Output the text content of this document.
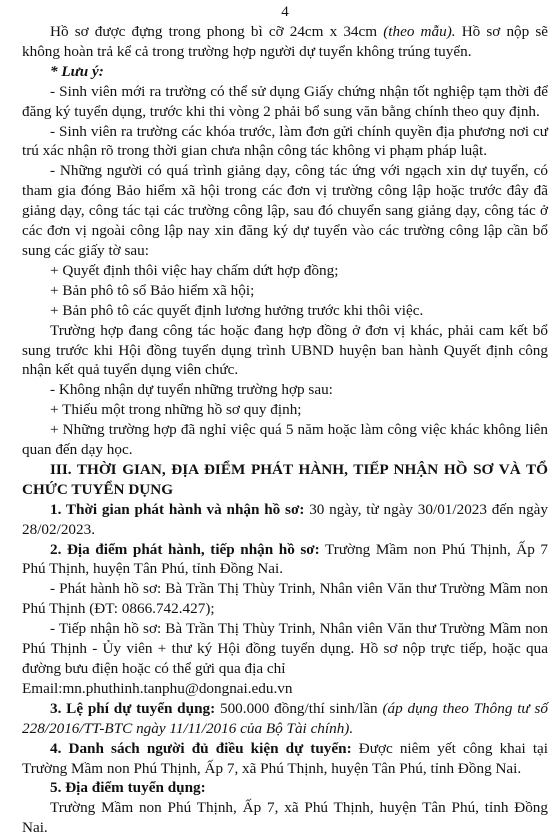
4

Hồ sơ được đựng trong phong bì cỡ 24cm x 34cm (theo mẫu). Hồ sơ nộp sẽ không hoàn trả kể cả trong trường hợp người dự tuyển không trúng tuyển.

* Lưu ý:

- Sinh viên mới ra trường có thể sử dụng Giấy chứng nhận tốt nghiệp tạm thời để đăng ký tuyển dụng, trước khi thi vòng 2 phải bổ sung văn bằng chính theo quy định.

- Sinh viên ra trường các khóa trước, làm đơn gửi chính quyền địa phương nơi cư trú xác nhận rõ trong thời gian chưa nhận công tác không vi phạm pháp luật.

- Những người có quá trình giảng dạy, công tác ứng với ngạch xin dự tuyển, có tham gia đóng Bảo hiểm xã hội trong các đơn vị trường công lập hoặc trước đây đã giảng dạy, công tác tại các trường công lập, sau đó chuyển sang giảng dạy, công tác ở các đơn vị ngoài công lập nay xin đăng ký dự tuyển vào các trường công lập cần bổ sung các giấy tờ sau:

+ Quyết định thôi việc hay chấm dứt hợp đồng;

+ Bản phô tô sổ Bảo hiểm xã hội;

+ Bản phô tô các quyết định lương hưởng trước khi thôi việc.

Trường hợp đang công tác hoặc đang hợp đồng ở đơn vị khác, phải cam kết bổ sung trước khi Hội đồng tuyển dụng trình UBND huyện ban hành Quyết định công nhận kết quả tuyển dụng viên chức.

- Không nhận dự tuyển những trường hợp sau:

+ Thiếu một trong những hồ sơ quy định;

+ Những trường hợp đã nghỉ việc quá 5 năm hoặc làm công việc khác không liên quan đến dạy học.

III. THỜI GIAN, ĐỊA ĐIỂM PHÁT HÀNH, TIẾP NHẬN HỒ SƠ VÀ TỔ CHỨC TUYỂN DỤNG

1. Thời gian phát hành và nhận hồ sơ: 30 ngày, từ ngày 30/01/2023 đến ngày 28/02/2023.

2. Địa điểm phát hành, tiếp nhận hồ sơ: Trường Mầm non Phú Thịnh, Ấp 7 Phú Thịnh, huyện Tân Phú, tỉnh Đồng Nai.

- Phát hành hồ sơ: Bà Trần Thị Thùy Trinh, Nhân viên Văn thư Trường Mầm non Phú Thịnh (ĐT: 0866.742.427);

- Tiếp nhận hồ sơ: Bà Trần Thị Thùy Trinh, Nhân viên Văn thư Trường Mầm non Phú Thịnh - Ủy viên + thư ký Hội đồng tuyển dụng. Hồ sơ nộp trực tiếp, hoặc qua đường bưu điện hoặc có thể gửi qua địa chỉ

Email:mn.phuthinh.tanphu@dongnai.edu.vn

3. Lệ phí dự tuyển dụng: 500.000 đồng/thí sinh/lần (áp dụng theo Thông tư số 228/2016/TT-BTC ngày 11/11/2016 của Bộ Tài chính).

4. Danh sách người đủ điều kiện dự tuyển: Được niêm yết công khai tại Trường Mầm non Phú Thịnh, Ấp 7, xã Phú Thịnh, huyện Tân Phú, tỉnh Đồng Nai.

5. Địa điểm tuyển dụng:

Trường Mầm non Phú Thịnh, Ấp 7, xã Phú Thịnh, huyện Tân Phú, tỉnh Đồng Nai.
